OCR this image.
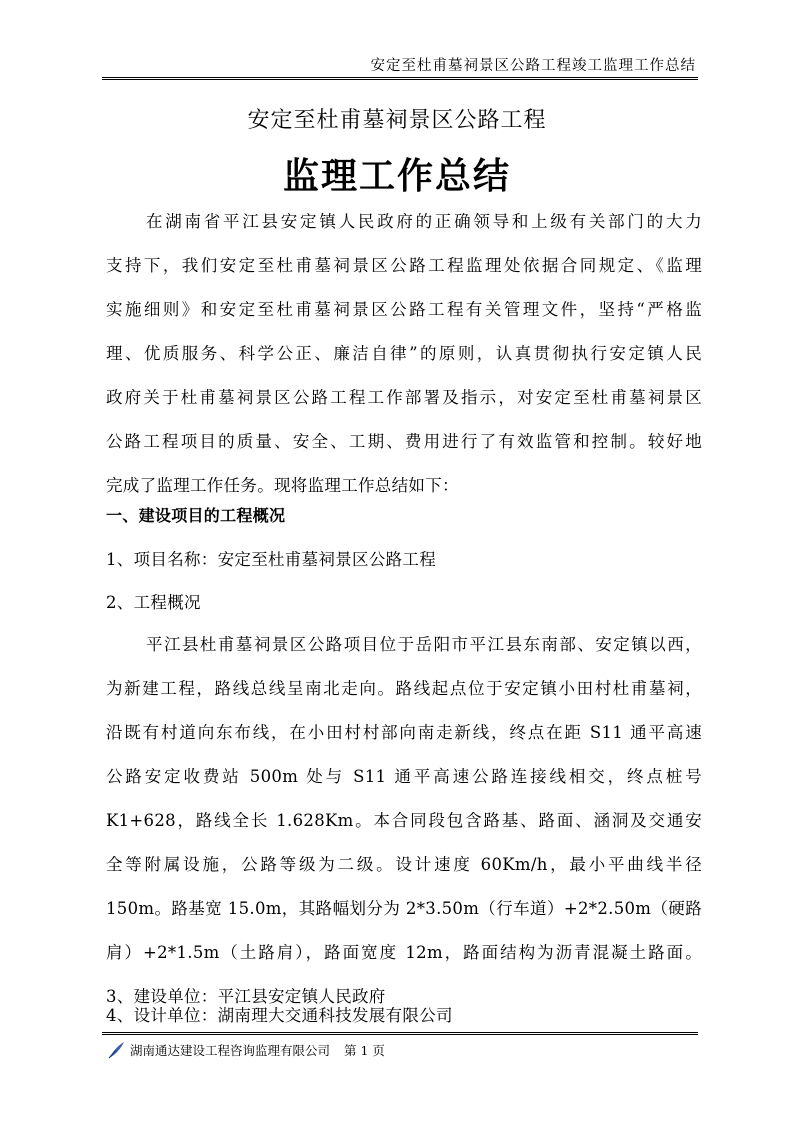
安定至杜甫墓祠景区公路工程竣工监理工作总结
安定至杜甫墓祠景区公路工程
监理工作总结
在湖南省平江县安定镇人民政府的正确领导和上级有关部门的大力
支持下，我们安定至杜甫墓祠景区公路工程监理处依据合同规定、《监理
实施细则》和安定至杜甫墓祠景区公路工程有关管理文件，坚持“严格监
理、优质服务、科学公正、廉洁自律”的原则，认真贯彻执行安定镇人民
政府关于杜甫墓祠景区公路工程工作部署及指示，对安定至杜甫墓祠景区
公路工程项目的质量、安全、工期、费用进行了有效监管和控制。较好地
完成了监理工作任务。现将监理工作总结如下：
一、建设项目的工程概况
1、项目名称：安定至杜甫墓祠景区公路工程
2、工程概况
平江县杜甫墓祠景区公路项目位于岳阳市平江县东南部、安定镇以西，
为新建工程，路线总线呈南北走向。路线起点位于安定镇小田村杜甫墓祠，
沿既有村道向东布线，在小田村村部向南走新线，终点在距 S11 通平高速
公路安定收费站 500m 处与 S11 通平高速公路连接线相交，终点桩号
K1+628，路线全长 1.628Km。本合同段包含路基、路面、涵洞及交通安
全等附属设施，公路等级为二级。设计速度 60Km/h，最小平曲线半径
150m。路基宽 15.0m，其路幅划分为 2*3.50m（行车道）+2*2.50m（硬路
肩）+2*1.5m（土路肩），路面宽度 12m，路面结构为沥青混凝土路面。
3、建设单位：平江县安定镇人民政府
4、设计单位：湖南理大交通科技发展有限公司
湖南通达建设工程咨询监理有限公司 第 1 页
